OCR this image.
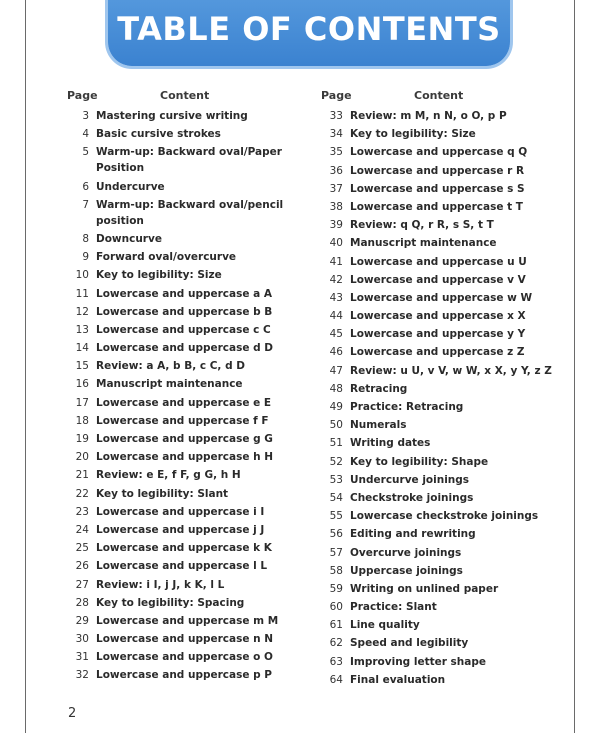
TABLE OF CONTENTS
Page	Content	Page	Content
3 Mastering cursive writing
4 Basic cursive strokes
5 Warm-up: Backward oval/Paper Position
6 Undercurve
7 Warm-up: Backward oval/pencil position
8 Downcurve
9 Forward oval/overcurve
10 Key to legibility: Size
11 Lowercase and uppercase a A
12 Lowercase and uppercase b B
13 Lowercase and uppercase c C
14 Lowercase and uppercase d D
15 Review: a A, b B, c C, d D
16 Manuscript maintenance
17 Lowercase and uppercase e E
18 Lowercase and uppercase f F
19 Lowercase and uppercase g G
20 Lowercase and uppercase h H
21 Review: e E, f F, g G, h H
22 Key to legibility: Slant
23 Lowercase and uppercase i I
24 Lowercase and uppercase j J
25 Lowercase and uppercase k K
26 Lowercase and uppercase l L
27 Review: i I, j J, k K, l L
28 Key to legibility: Spacing
29 Lowercase and uppercase m M
30 Lowercase and uppercase n N
31 Lowercase and uppercase o O
32 Lowercase and uppercase p P
33 Review: m M, n N, o O, p P
34 Key to legibility: Size
35 Lowercase and uppercase q Q
36 Lowercase and uppercase r R
37 Lowercase and uppercase s S
38 Lowercase and uppercase t T
39 Review: q Q, r R, s S, t T
40 Manuscript maintenance
41 Lowercase and uppercase u U
42 Lowercase and uppercase v V
43 Lowercase and uppercase w W
44 Lowercase and uppercase x X
45 Lowercase and uppercase y Y
46 Lowercase and uppercase z Z
47 Review: u U, v V, w W, x X, y Y, z Z
48 Retracing
49 Practice: Retracing
50 Numerals
51 Writing dates
52 Key to legibility: Shape
53 Undercurve joinings
54 Checkstroke joinings
55 Lowercase checkstroke joinings
56 Editing and rewriting
57 Overcurve joinings
58 Uppercase joinings
59 Writing on unlined paper
60 Practice: Slant
61 Line quality
62 Speed and legibility
63 Improving letter shape
64 Final evaluation
2
